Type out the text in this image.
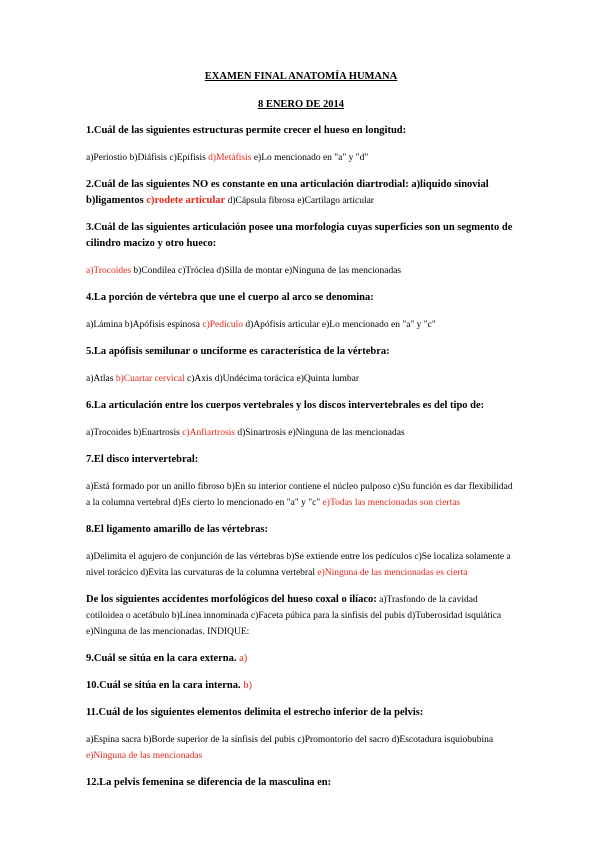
EXAMEN FINAL ANATOMÍA HUMANA

8 ENERO DE 2014

1.Cuál de las siguientes estructuras permite crecer el hueso en longitud:

a)Periostio b)Diáfisis c)Epífisis d)Metáfisis e)Lo mencionado en "a" y "d"

2.Cuál de las siguientes NO es constante en una articulación diartrodial: a)liquido sinovial
b)ligamentos c)rodete articular d)Cápsula fibrosa e)Cartílago articular

3.Cuál de las siguientes articulación posee una morfología cuyas superficies son un segmento de cilindro macizo y otro hueco:

a)Trocoides b)Condílea c)Tróclea d)Silla de montar e)Ninguna de las mencionadas

4.La porción de vértebra que une el cuerpo al arco se denomina:

a)Lámina b)Apófisis espinosa c)Pedículo d)Apófisis articular e)Lo mencionado en "a" y "c"

5.La apófisis semilunar o unciforme es característica de la vértebra:

a)Atlas b)Cuartar cervical c)Axis d)Undécima torácica e)Quinta lumbar

6.La articulación entre los cuerpos vertebrales y los discos intervertebrales es del tipo de:

a)Trocoides b)Enartrosis c)Anfiartrosis d)Sinartrosis e)Ninguna de las mencionadas

7.El disco intervertebral:

a)Está formado por un anillo fibroso b)En su interior contiene el núcleo pulposo c)Su función es dar flexibilidad a la columna vertebral d)Es cierto lo mencionado en "a" y "c" e)Todas las mencionadas son ciertas

8.El ligamento amarillo de las vértebras:

a)Delimita el agujero de conjunción de las vértebras b)Se extiende entre los pedículos c)Se localiza solamente a nivel torácico d)Evita las curvaturas de la columna vertebral e)Ninguna de las mencionadas es cierta

De los siguientes accidentes morfológicos del hueso coxal o ilíaco: a)Trasfondo de la cavidad cotiloidea o acetábulo b)Línea innominada c)Faceta púbica para la sínfisis del pubis d)Tuberosidad isquiática e)Ninguna de las mencionadas. INDIQUE:

9.Cuál se sitúa en la cara externa. a)

10.Cuál se sitúa en la cara interna. b)

11.Cuál de los siguientes elementos delimita el estrecho inferior de la pelvis:

a)Espina sacra b)Borde superior de la sínfisis del pubis c)Promontorio del sacro d)Escotadura isquiobubina e)Ninguna de las mencionadas

12.La pelvis femenina se diferencia de la masculina en:
